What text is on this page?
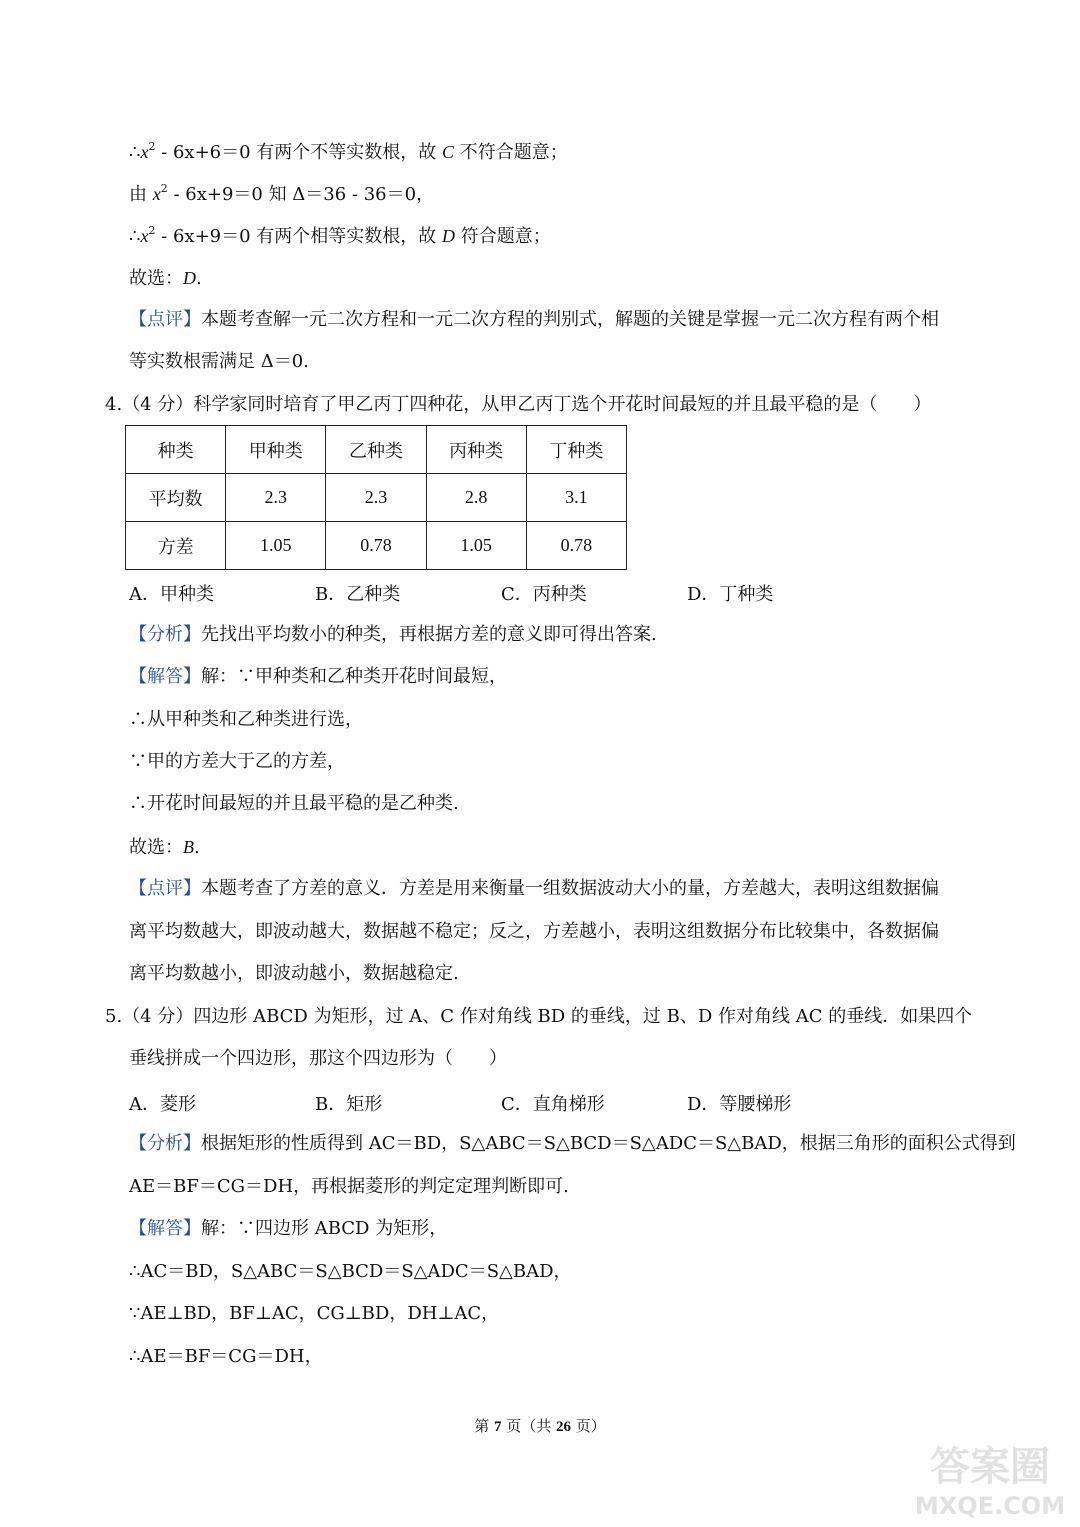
$\therefore x^2 - 6x+6=0$ 有两个不等实数根，故 C 不符合题意；
由 $x^2 - 6x+9=0$ 知 Δ＝36 - 36＝0，
$\therefore x^2 - 6x+9=0$ 有两个相等实数根，故 D 符合题意；
故选：D.
【点评】本题考查解一元二次方程和一元二次方程的判别式，解题的关键是掌握一元二次方程有两个相
等实数根需满足 Δ＝0.
4.（4 分）科学家同时培育了甲乙丙丁四种花，从甲乙丙丁选个开花时间最短的并且最平稳的是（　　）
种类	甲种类	乙种类	丙种类	丁种类
平均数	2.3	2.3	2.8	3.1
方差	1.05	0.78	1.05	0.78
A．甲种类	B．乙种类	C．丙种类	D．丁种类
【分析】先找出平均数小的种类，再根据方差的意义即可得出答案.
【解答】解：∵甲种类和乙种类开花时间最短，
∴从甲种类和乙种类进行选，
∵甲的方差大于乙的方差，
∴开花时间最短的并且最平稳的是乙种类.
故选：B.
【点评】本题考查了方差的意义．方差是用来衡量一组数据波动大小的量，方差越大，表明这组数据偏
离平均数越大，即波动越大，数据越不稳定；反之，方差越小，表明这组数据分布比较集中，各数据偏
离平均数越小，即波动越小，数据越稳定.
5.（4 分）四边形 ABCD 为矩形，过 A、C 作对角线 BD 的垂线，过 B、D 作对角线 AC 的垂线．如果四个
垂线拼成一个四边形，那这个四边形为（　　）
A．菱形	B．矩形	C．直角梯形	D．等腰梯形
【分析】根据矩形的性质得到 AC＝BD，S△ABC＝S△BCD＝S△ADC＝S△BAD，根据三角形的面积公式得到
AE＝BF＝CG＝DH，再根据菱形的判定定理判断即可.
【解答】解：∵四边形 ABCD 为矩形，
∴AC＝BD，S△ABC＝S△BCD＝S△ADC＝S△BAD，
∵AE⊥BD，BF⊥AC，CG⊥BD，DH⊥AC，
∴AE＝BF＝CG＝DH，
第 7 页（共 26 页）
答案圈
MXQE.COM
